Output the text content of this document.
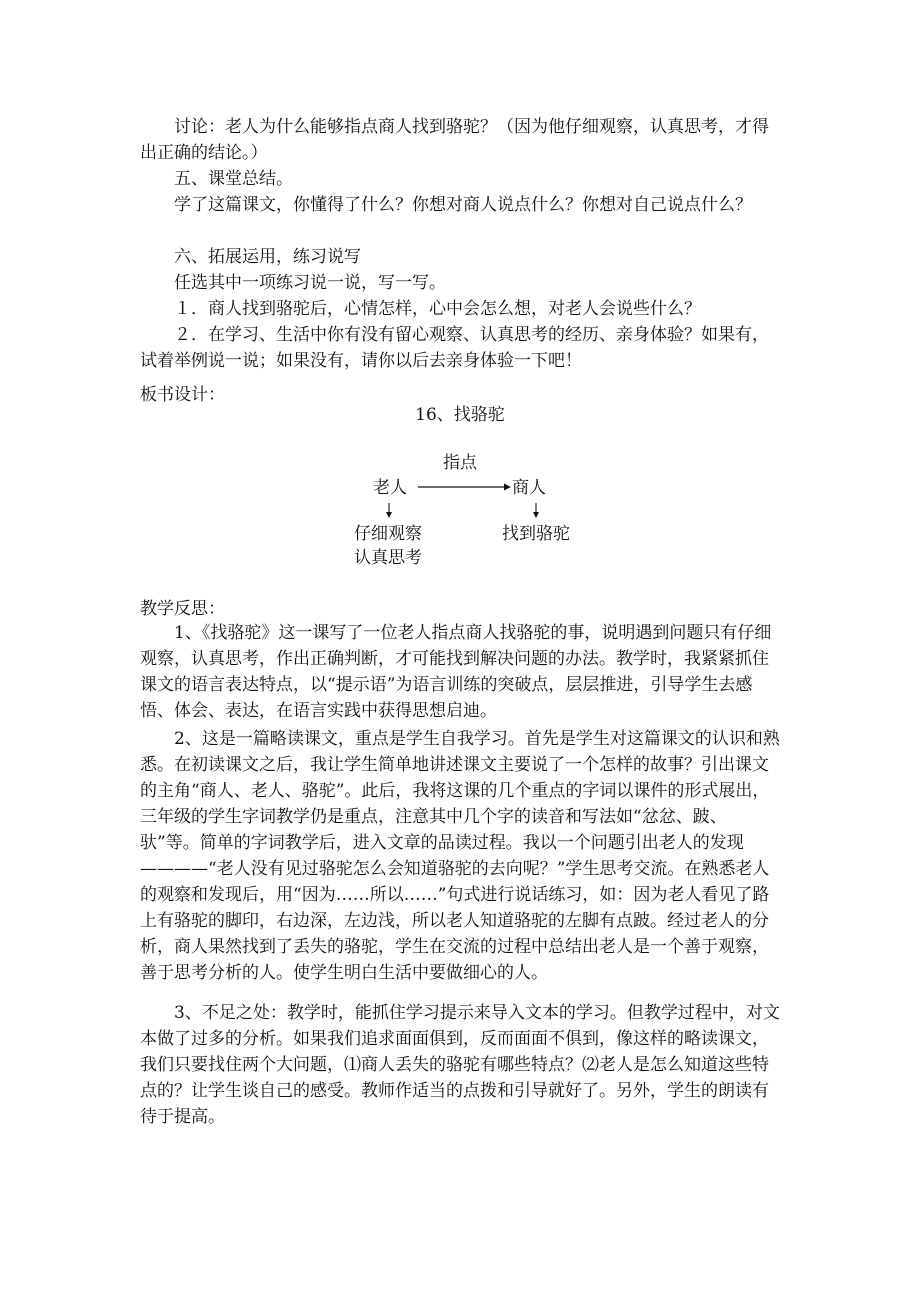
讨论：老人为什么能够指点商人找到骆驼？（因为他仔细观察，认真思考，才得出正确的结论。）

五、课堂总结。

学了这篇课文，你懂得了什么？你想对商人说点什么？你想对自己说点什么？

六、拓展运用，练习说写

任选其中一项练习说一说，写一写。

１．商人找到骆驼后，心情怎样，心中会怎么想，对老人会说些什么？

２．在学习、生活中你有没有留心观察、认真思考的经历、亲身体验？如果有，试着举例说一说；如果没有，请你以后去亲身体验一下吧！

板书设计：

16、找骆驼

指点
老人	商人
仔细观察
认真思考
找到骆驼

教学反思：

1、《找骆驼》这一课写了一位老人指点商人找骆驼的事，说明遇到问题只有仔细观察，认真思考，作出正确判断，才可能找到解决问题的办法。教学时，我紧紧抓住课文的语言表达特点，以“提示语”为语言训练的突破点，层层推进，引导学生去感悟、体会、表达，在语言实践中获得思想启迪。

2、这是一篇略读课文，重点是学生自我学习。首先是学生对这篇课文的认识和熟悉。在初读课文之后，我让学生简单地讲述课文主要说了一个怎样的故事？引出课文的主角“商人、老人、骆驼”。此后，我将这课的几个重点的字词以课件的形式展出，三年级的学生字词教学仍是重点，注意其中几个字的读音和写法如“忿忿、跛、驮”等。简单的字词教学后，进入文章的品读过程。我以一个问题引出老人的发现————“老人没有见过骆驼怎么会知道骆驼的去向呢？”学生思考交流。在熟悉老人的观察和发现后，用“因为……所以……”句式进行说话练习，如：因为老人看见了路上有骆驼的脚印，右边深，左边浅，所以老人知道骆驼的左脚有点跛。经过老人的分析，商人果然找到了丢失的骆驼，学生在交流的过程中总结出老人是一个善于观察，善于思考分析的人。使学生明白生活中要做细心的人。

3、不足之处：教学时，能抓住学习提示来导入文本的学习。但教学过程中，对文本做了过多的分析。如果我们追求面面俱到，反而面面不俱到，像这样的略读课文，我们只要找住两个大问题，⑴商人丢失的骆驼有哪些特点？⑵老人是怎么知道这些特点的？让学生谈自己的感受。教师作适当的点拨和引导就好了。另外，学生的朗读有待于提高。
